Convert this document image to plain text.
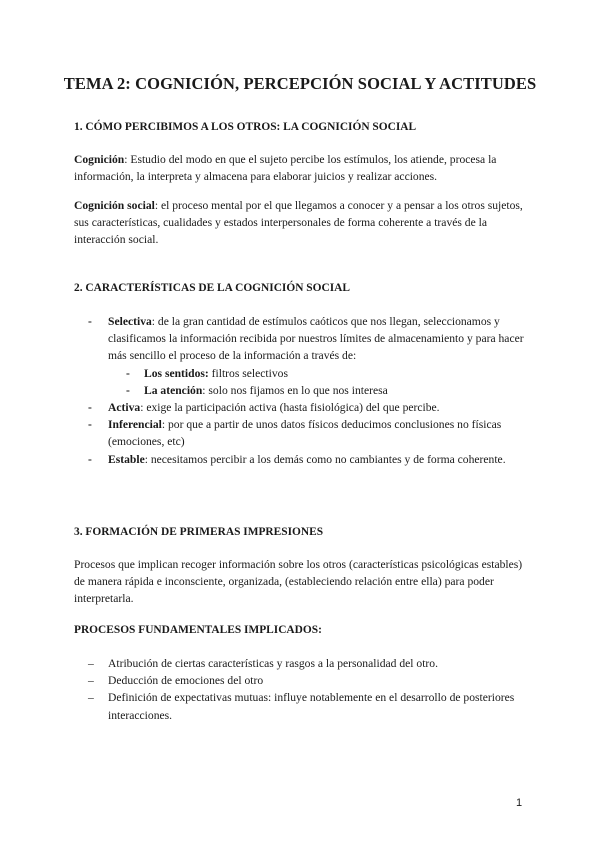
TEMA 2: COGNICIÓN, PERCEPCIÓN SOCIAL Y ACTITUDES
1. CÓMO PERCIBIMOS A LOS OTROS: LA COGNICIÓN SOCIAL

Cognición: Estudio del modo en que el sujeto percibe los estímulos, los atiende, procesa la información, la interpreta y almacena para elaborar juicios y realizar acciones.

Cognición social: el proceso mental por el que llegamos a conocer y a pensar a los otros sujetos, sus características, cualidades y estados interpersonales de forma coherente a través de la interacción social.

2. CARACTERÍSTICAS DE LA COGNICIÓN SOCIAL
- Selectiva: de la gran cantidad de estímulos caóticos que nos llegan, seleccionamos y clasificamos la información recibida por nuestros límites de almacenamiento y para hacer más sencillo el proceso de la información a través de:
- Los sentidos: filtros selectivos
- La atención: solo nos fijamos en lo que nos interesa
- Activa: exige la participación activa (hasta fisiológica) del que percibe.
- Inferencial: por que a partir de unos datos físicos deducimos conclusiones no físicas (emociones, etc)
- Estable: necesitamos percibir a los demás como no cambiantes y de forma coherente.
3. FORMACIÓN DE PRIMERAS IMPRESIONES

Procesos que implican recoger información sobre los otros (características psicológicas estables) de manera rápida e inconsciente, organizada, (estableciendo relación entre ella) para poder interpretarla.

PROCESOS FUNDAMENTALES IMPLICADOS:
– Atribución de ciertas características y rasgos a la personalidad del otro.
– Deducción de emociones del otro
– Definición de expectativas mutuas: influye notablemente en el desarrollo de posteriores interacciones.
1
